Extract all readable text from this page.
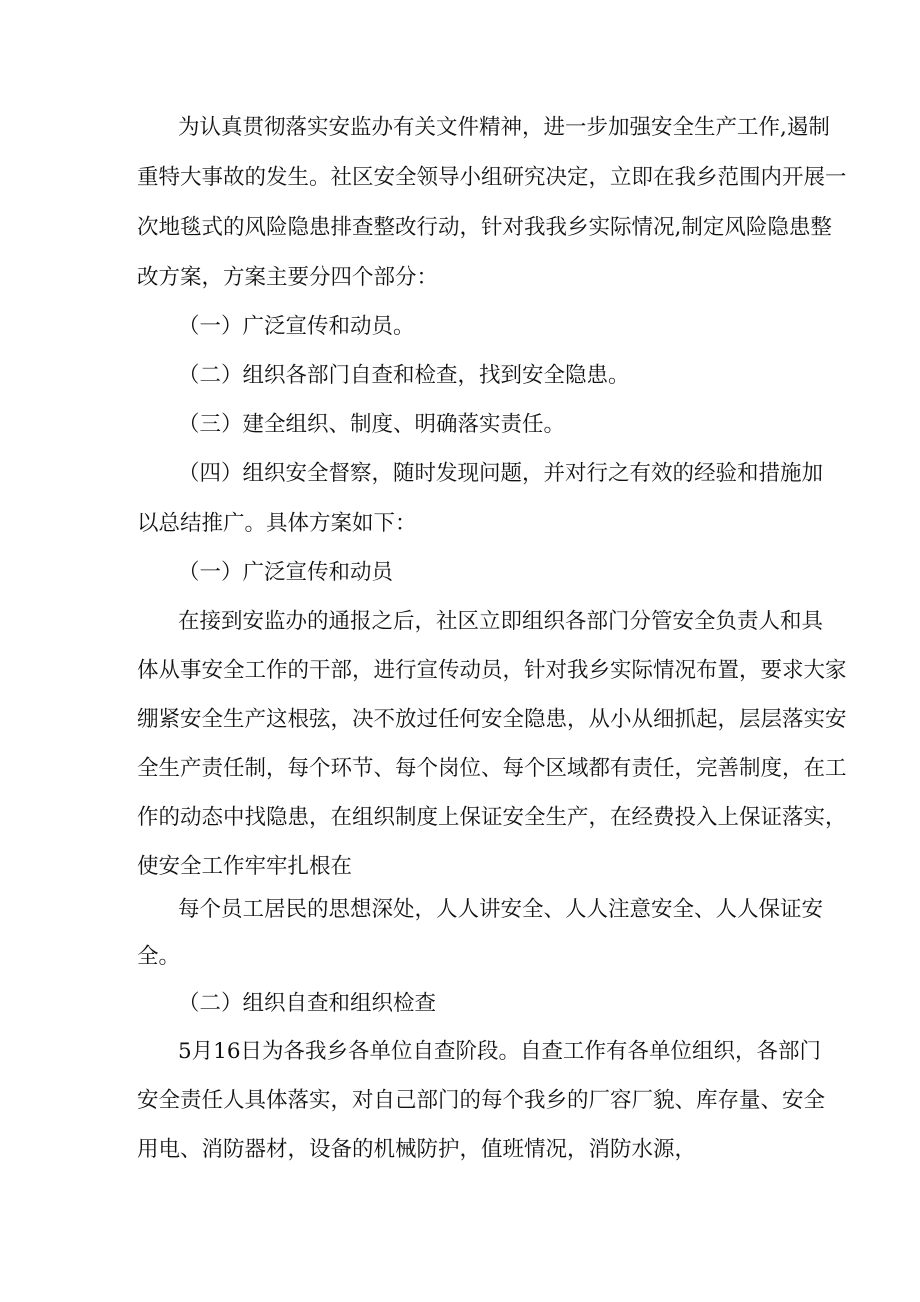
为认真贯彻落实安监办有关文件精神，进一步加强安全生产工作,遏制
重特大事故的发生。社区安全领导小组研究决定，立即在我乡范围内开展一
次地毯式的风险隐患排查整改行动，针对我我乡实际情况,制定风险隐患整
改方案，方案主要分四个部分：
（一）广泛宣传和动员。
（二）组织各部门自查和检查，找到安全隐患。
（三）建全组织、制度、明确落实责任。
（四）组织安全督察，随时发现问题，并对行之有效的经验和措施加
以总结推广。具体方案如下：
（一）广泛宣传和动员
在接到安监办的通报之后，社区立即组织各部门分管安全负责人和具
体从事安全工作的干部，进行宣传动员，针对我乡实际情况布置，要求大家
绷紧安全生产这根弦，决不放过任何安全隐患，从小从细抓起，层层落实安
全生产责任制，每个环节、每个岗位、每个区域都有责任，完善制度，在工
作的动态中找隐患，在组织制度上保证安全生产，在经费投入上保证落实，
使安全工作牢牢扎根在
每个员工居民的思想深处，人人讲安全、人人注意安全、人人保证安
全。
（二）组织自查和组织检查
5月16日为各我乡各单位自查阶段。自查工作有各单位组织，各部门
安全责任人具体落实，对自己部门的每个我乡的厂容厂貌、库存量、安全
用电、消防器材，设备的机械防护，值班情况，消防水源，
